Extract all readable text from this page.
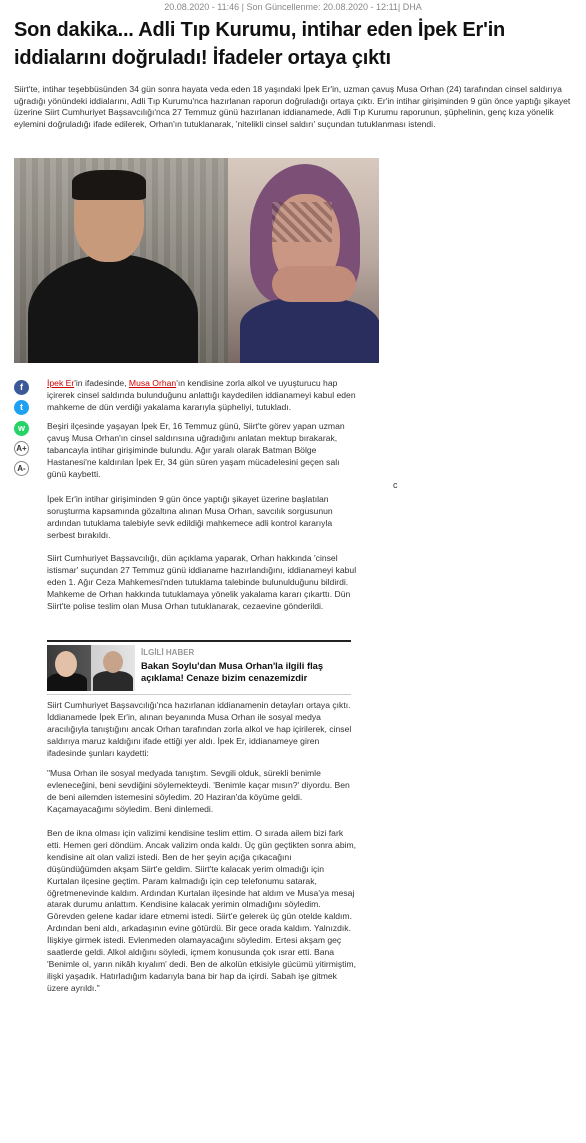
20.08.2020 - 11:46 | Son Güncellenme: 20.08.2020 - 12:11| DHA
Son dakika... Adli Tıp Kurumu, intihar eden İpek Er'in iddialarını doğruladı! İfadeler ortaya çıktı

Siirt'te, intihar teşebbüsünden 34 gün sonra hayata veda eden 18 yaşındaki İpek Er'in, uzman çavuş Musa Orhan (24) tarafından cinsel saldırıya uğradığı yönündeki iddialarını, Adli Tıp Kurumu'nca hazırlanan raporun doğruladığı ortaya çıktı. Er'in intihar girişiminden 9 gün önce yaptığı şikayet üzerine Siirt Cumhuriyet Başsavcılığı'nca 27 Temmuz günü hazırlanan iddianamede, Adli Tıp Kurumu raporunun, şüphelinin, genç kıza yönelik eylemini doğruladığı ifade edilerek, Orhan'ın tutuklanarak, 'nitelikli cinsel saldırı' suçundan tutuklanması istendi.

f
t
w
A+
A-

İpek Er'in ifadesinde, Musa Orhan'ın kendisine zorla alkol ve uyuşturucu hap içirerek cinsel saldırıda bulunduğunu anlattığı kaydedilen iddianameyi kabul eden mahkeme de dün verdiği yakalama kararıyla şüpheliyi, tutukladı.

Beşiri ilçesinde yaşayan İpek Er, 16 Temmuz günü, Siirt'te görev yapan uzman çavuş Musa Orhan'ın cinsel saldırısına uğradığını anlatan mektup bırakarak, tabancayla intihar girişiminde bulundu. Ağır yaralı olarak Batman Bölge Hastanesi'ne kaldırılan İpek Er, 34 gün süren yaşam mücadelesini geçen salı günü kaybetti.

c

İpek Er'in intihar girişiminden 9 gün önce yaptığı şikayet üzerine başlatılan soruşturma kapsamında gözaltına alınan Musa Orhan, savcılık sorgusunun ardından tutuklama talebiyle sevk edildiği mahkemece adli kontrol kararıyla serbest bırakıldı.

Siirt Cumhuriyet Başsavcılığı, dün açıklama yaparak, Orhan hakkında 'cinsel istismar' suçundan 27 Temmuz günü iddianame hazırlandığını, iddianameyi kabul eden 1. Ağır Ceza Mahkemesi'nden tutuklama talebinde bulunulduğunu bildirdi. Mahkeme de Orhan hakkında tutuklamaya yönelik yakalama kararı çıkarttı. Dün Siirt'te polise teslim olan Musa Orhan tutuklanarak, cezaevine gönderildi.

İLGİLİ HABER
Bakan Soylu'dan Musa Orhan'la ilgili flaş açıklama! Cenaze bizim cenazemizdir

Siirt Cumhuriyet Başsavcılığı'nca hazırlanan iddianamenin detayları ortaya çıktı. İddianamede İpek Er'in, alınan beyanında Musa Orhan ile sosyal medya aracılığıyla tanıştığını ancak Orhan tarafından zorla alkol ve hap içirilerek, cinsel saldırıya maruz kaldığını ifade ettiği yer aldı. İpek Er, iddianameye giren ifadesinde şunları kaydetti:

"Musa Orhan ile sosyal medyada tanıştım. Sevgili olduk, sürekli benimle evleneceğini, beni sevdiğini söylemekteydi. 'Benimle kaçar mısın?' diyordu. Ben de beni ailemden istemesini söyledim. 20 Haziran'da köyüme geldi. Kaçamayacağımı söyledim. Beni dinlemedi.

Ben de ikna olması için valizimi kendisine teslim ettim. O sırada ailem bizi fark etti. Hemen geri döndüm. Ancak valizim onda kaldı. Üç gün geçtikten sonra abim, kendisine ait olan valizi istedi. Ben de her şeyin açığa çıkacağını düşündüğümden akşam Siirt'e geldim. Siirt'te kalacak yerim olmadığı için Kurtalan ilçesine geçtim. Param kalmadığı için cep telefonumu satarak, öğretmenevinde kaldım. Ardından Kurtalan ilçesinde hat aldım ve Musa'ya mesaj atarak durumu anlattım. Kendisine kalacak yerimin olmadığını söyledim. Görevden gelene kadar idare etmemi istedi. Siirt'e gelerek üç gün otelde kaldım. Ardından beni aldı, arkadaşının evine götürdü. Bir gece orada kaldım. Yalnızdık. İlişkiye girmek istedi. Evlenmeden olamayacağını söyledim. Ertesi akşam geç saatlerde geldi. Alkol aldığını söyledi, içmem konusunda çok ısrar etti. Bana 'Benimle ol, yarın nikâh kıyalım' dedi. Ben de alkolün etkisiyle gücümü yitirmiştim, ilişki yaşadık. Hatırladığım kadarıyla bana bir hap da içirdi. Sabah işe gitmek üzere ayrıldı."
